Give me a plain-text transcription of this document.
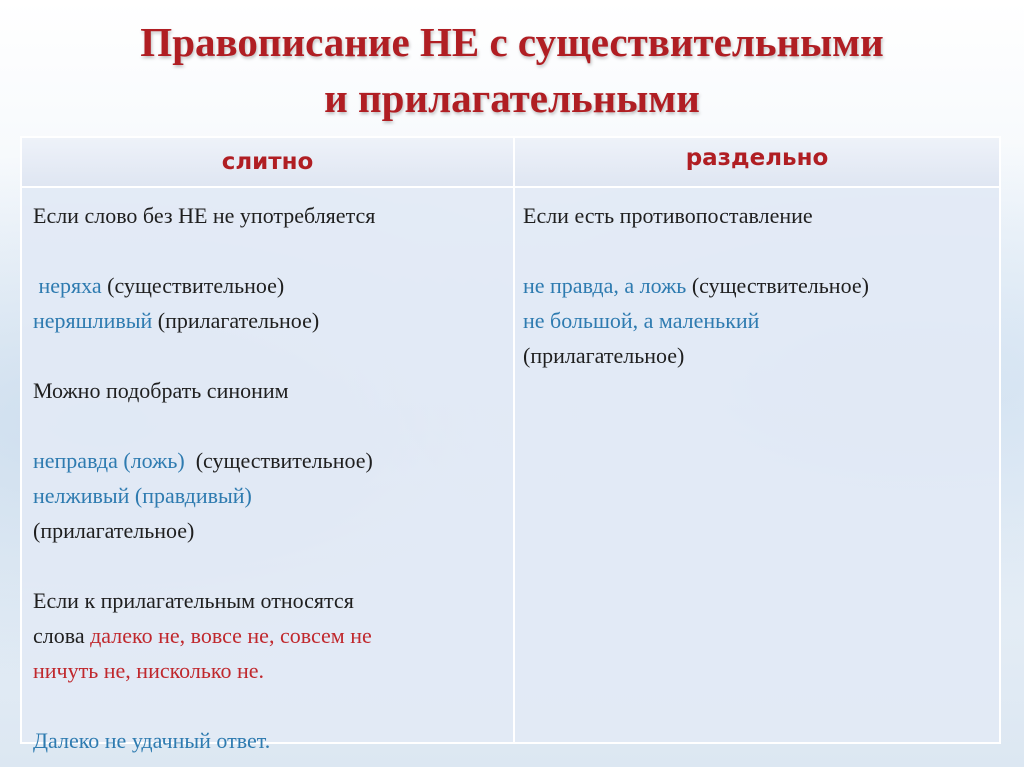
Правописание НЕ с существительными
и прилагательными
слитно	раздельно

Если слово без НЕ не употребляется

неряха (существительное)

неряшливый (прилагательное)

Можно подобрать синоним

неправда (ложь) (существительное)

нелживый (правдивый)

(прилагательное)

Если к прилагательным относятся

слова далеко не, вовсе не, совсем не

ничуть не, нисколько не.

Далеко не удачный ответ.

Если есть противопоставление

не правда, а ложь (существительное)

не большой, а маленький

(прилагательное)
